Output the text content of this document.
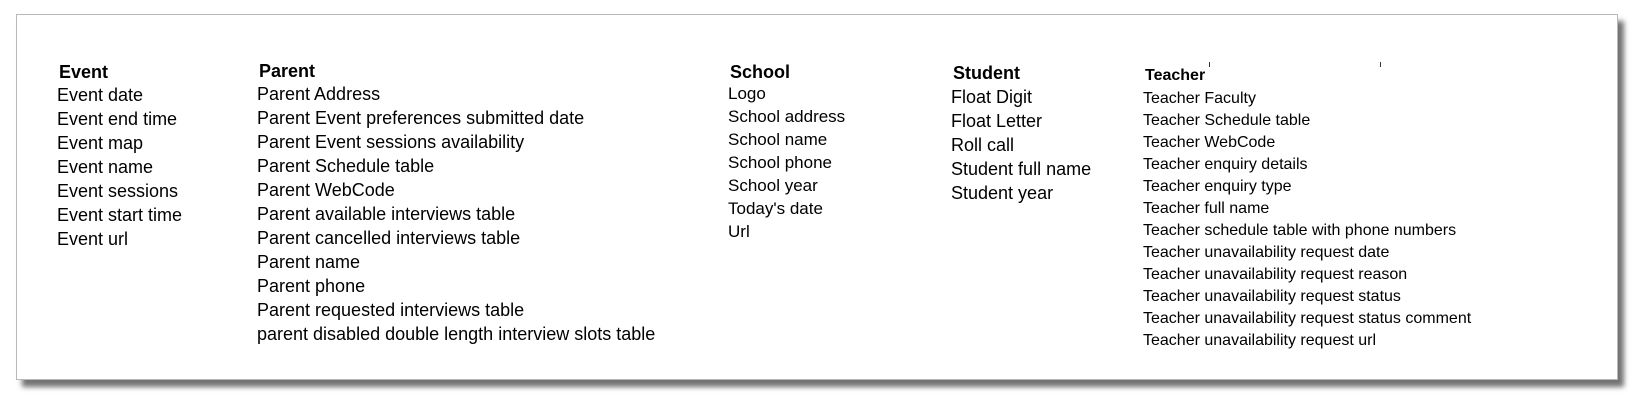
Event
Event date
Event end time
Event map
Event name
Event sessions
Event start time
Event url
Parent
Parent Address
Parent Event preferences submitted date
Parent Event sessions availability
Parent Schedule table
Parent WebCode
Parent available interviews table
Parent cancelled interviews table
Parent name
Parent phone
Parent requested interviews table
parent disabled double length interview slots table
School
Logo
School address
School name
School phone
School year
Today's date
Url
Student
Float Digit
Float Letter
Roll call
Student full name
Student year
Teacher
Teacher Faculty
Teacher Schedule table
Teacher WebCode
Teacher enquiry details
Teacher enquiry type
Teacher full name
Teacher schedule table with phone numbers
Teacher unavailability request date
Teacher unavailability request reason
Teacher unavailability request status
Teacher unavailability request status comment
Teacher unavailability request url
